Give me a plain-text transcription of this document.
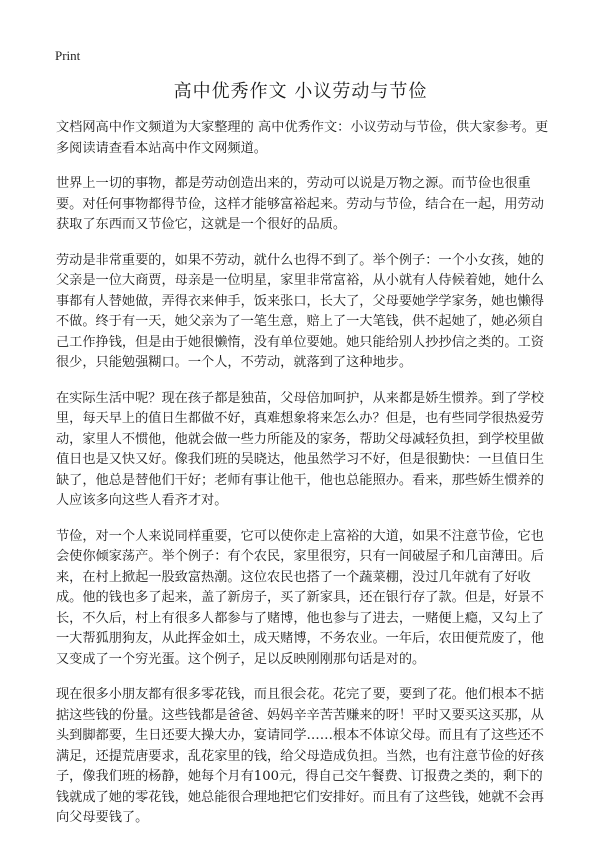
Print

高中优秀作文 小议劳动与节俭

文档网高中作文频道为大家整理的 高中优秀作文：小议劳动与节俭，供大家参考。更多阅读请查看本站高中作文网频道。

世界上一切的事物，都是劳动创造出来的，劳动可以说是万物之源。而节俭也很重要。对任何事物都得节俭，这样才能够富裕起来。劳动与节俭，结合在一起，用劳动获取了东西而又节俭它，这就是一个很好的品质。

劳动是非常重要的，如果不劳动，就什么也得不到了。举个例子：一个小女孩，她的父亲是一位大商贾，母亲是一位明星，家里非常富裕，从小就有人侍候着她，她什么事都有人替她做，弄得衣来伸手，饭来张口，长大了，父母要她学学家务，她也懒得不做。终于有一天，她父亲为了一笔生意，赔上了一大笔钱，供不起她了，她必须自己工作挣钱，但是由于她很懒惰，没有单位要她。她只能给别人抄抄信之类的。工资很少，只能勉强糊口。一个人，不劳动，就落到了这种地步。

在实际生活中呢？现在孩子都是独苗，父母倍加呵护，从来都是娇生惯养。到了学校里，每天早上的值日生都做不好，真难想象将来怎么办？但是，也有些同学很热爱劳动，家里人不惯他，他就会做一些力所能及的家务，帮助父母减轻负担，到学校里做值日也是又快又好。像我们班的吴晓达，他虽然学习不好，但是很勤快：一旦值日生缺了，他总是替他们干好；老师有事让他干，他也总能照办。看来，那些娇生惯养的人应该多向这些人看齐才对。

节俭，对一个人来说同样重要，它可以使你走上富裕的大道，如果不注意节俭，它也会使你倾家荡产。举个例子：有个农民，家里很穷，只有一间破屋子和几亩薄田。后来，在村上掀起一股致富热潮。这位农民也搭了一个蔬菜棚，没过几年就有了好收成。他的钱也多了起来，盖了新房子，买了新家具，还在银行存了款。但是，好景不长，不久后，村上有很多人都参与了赌博，他也参与了进去，一赌便上瘾，又勾上了一大帮狐朋狗友，从此挥金如土，成天赌博，不务农业。一年后，农田便荒废了，他又变成了一个穷光蛋。这个例子，足以反映刚刚那句话是对的。

现在很多小朋友都有很多零花钱，而且很会花。花完了要，要到了花。他们根本不掂掂这些钱的份量。这些钱都是爸爸、妈妈辛辛苦苦赚来的呀！平时又要买这买那，从头到脚都要，生日还要大操大办，宴请同学……根本不体谅父母。而且有了这些还不满足，还提荒唐要求，乱花家里的钱，给父母造成负担。当然，也有注意节俭的好孩子，像我们班的杨静，她每个月有100元，得自己交午餐费、订报费之类的，剩下的钱就成了她的零花钱，她总能很合理地把它们安排好。而且有了这些钱，她就不会再向父母要钱了。
